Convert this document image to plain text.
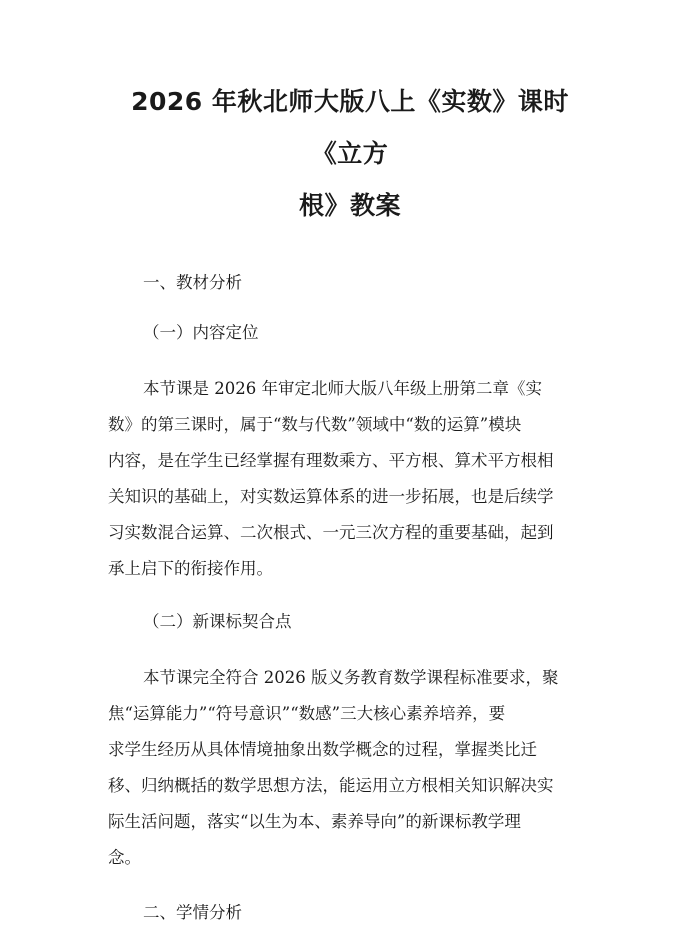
2026 年秋北师大版八上《实数》课时《立方
根》教案

一、教材分析

（一）内容定位

本节课是 2026 年审定北师大版八年级上册第二章《实
数》的第三课时，属于“数与代数”领域中“数的运算”模块
内容，是在学生已经掌握有理数乘方、平方根、算术平方根相
关知识的基础上，对实数运算体系的进一步拓展，也是后续学
习实数混合运算、二次根式、一元三次方程的重要基础，起到
承上启下的衔接作用。

（二）新课标契合点

本节课完全符合 2026 版义务教育数学课程标准要求，聚
焦“运算能力”“符号意识”“数感”三大核心素养培养，要
求学生经历从具体情境抽象出数学概念的过程，掌握类比迁
移、归纳概括的数学思想方法，能运用立方根相关知识解决实
际生活问题，落实“以生为本、素养导向”的新课标教学理
念。

二、学情分析
